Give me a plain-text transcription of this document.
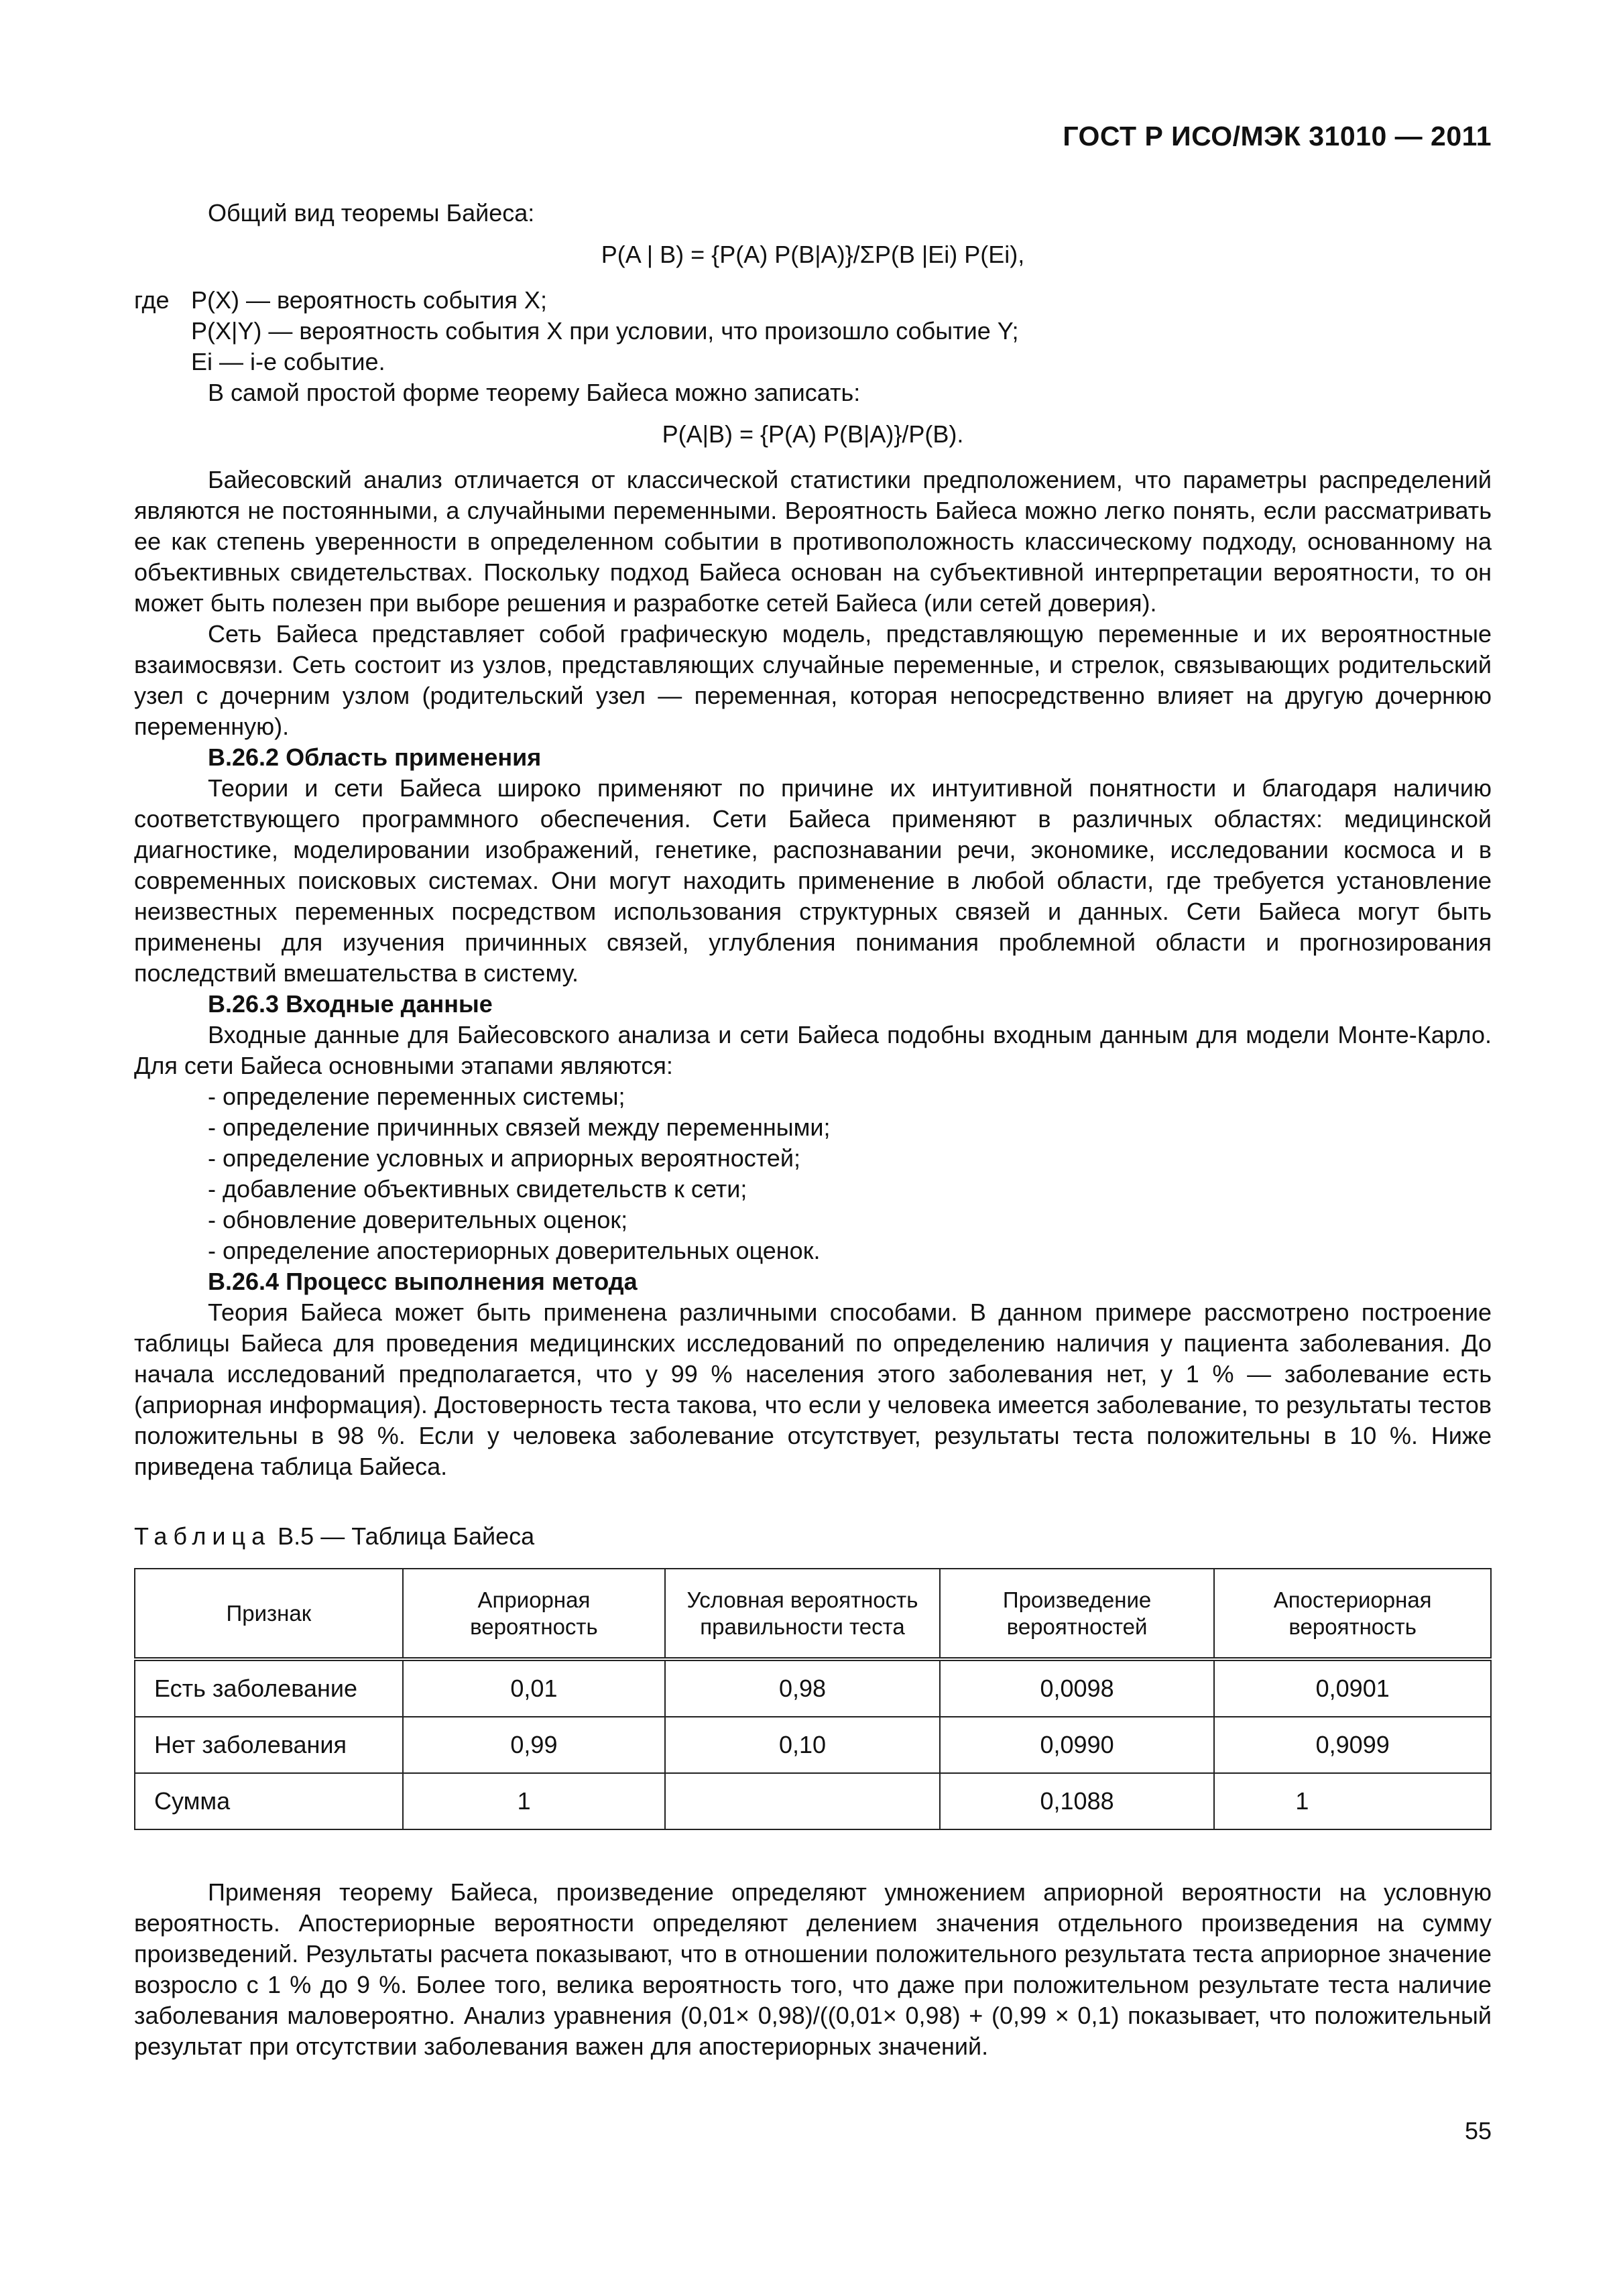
ГОСТ Р ИСО/МЭК 31010 — 2011

Общий вид теоремы Байеса:

P(A | B) = {P(A) P(B|A)}/ΣP(B |Ei) P(Ei),

где P(X) — вероятность события X;
P(X|Y) — вероятность события X при условии, что произошло событие Y;
Ei — i-е событие.

В самой простой форме теорему Байеса можно записать:

P(A|B) = {P(A) P(B|A)}/P(B).

Байесовский анализ отличается от классической статистики предположением, что параметры распределений являются не постоянными, а случайными переменными. Вероятность Байеса можно легко понять, если рассматривать ее как степень уверенности в определенном событии в противоположность классическому подходу, основанному на объективных свидетельствах. Поскольку подход Байеса основан на субъективной интерпретации вероятности, то он может быть полезен при выборе решения и разработке сетей Байеса (или сетей доверия).

Сеть Байеса представляет собой графическую модель, представляющую переменные и их вероятностные взаимосвязи. Сеть состоит из узлов, представляющих случайные переменные, и стрелок, связывающих родительский узел с дочерним узлом (родительский узел — переменная, которая непосредственно влияет на другую дочернюю переменную).

B.26.2 Область применения

Теории и сети Байеса широко применяют по причине их интуитивной понятности и благодаря наличию соответствующего программного обеспечения. Сети Байеса применяют в различных областях: медицинской диагностике, моделировании изображений, генетике, распознавании речи, экономике, исследовании космоса и в современных поисковых системах. Они могут находить применение в любой области, где требуется установление неизвестных переменных посредством использования структурных связей и данных. Сети Байеса могут быть применены для изучения причинных связей, углубления понимания проблемной области и прогнозирования последствий вмешательства в систему.

B.26.3 Входные данные

Входные данные для Байесовского анализа и сети Байеса подобны входным данным для модели Монте-Карло. Для сети Байеса основными этапами являются:

- определение переменных системы;
- определение причинных связей между переменными;
- определение условных и априорных вероятностей;
- добавление объективных свидетельств к сети;
- обновление доверительных оценок;
- определение апостериорных доверительных оценок.
B.26.4 Процесс выполнения метода

Теория Байеса может быть применена различными способами. В данном примере рассмотрено построение таблицы Байеса для проведения медицинских исследований по определению наличия у пациента заболевания. До начала исследований предполагается, что у 99 % населения этого заболевания нет, у 1 % — заболевание есть (априорная информация). Достоверность теста такова, что если у человека имеется заболевание, то результаты тестов положительны в 98 %. Если у человека заболевание отсутствует, результаты теста положительны в 10 %. Ниже приведена таблица Байеса.

Таблица В.5 — Таблица Байеса

Признак	Априорная вероятность	Условная вероятность правильности теста	Произведение вероятностей	Апостериорная вероятность
Есть заболевание	0,01	0,98	0,0098	0,0901
Нет заболевания	0,99	0,10	0,0990	0,9099
Сумма	1		0,1088	1

Применяя теорему Байеса, произведение определяют умножением априорной вероятности на условную вероятность. Апостериорные вероятности определяют делением значения отдельного произведения на сумму произведений. Результаты расчета показывают, что в отношении положительного результата теста априорное значение возросло с 1 % до 9 %. Более того, велика вероятность того, что даже при положительном результате теста наличие заболевания маловероятно. Анализ уравнения (0,01× 0,98)/((0,01× 0,98) + (0,99 × 0,1) показывает, что положительный результат при отсутствии заболевания важен для апостериорных значений.

55
